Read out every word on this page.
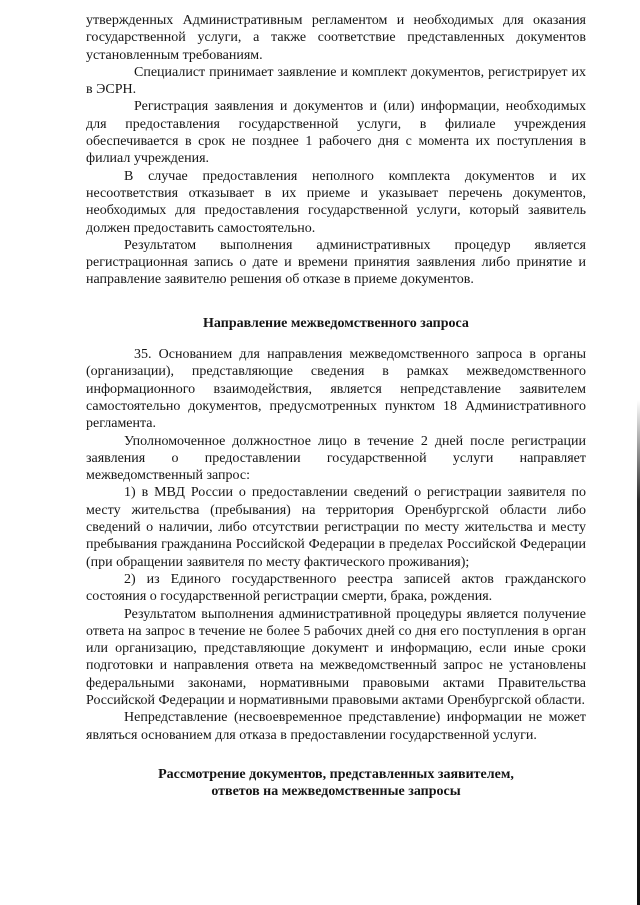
утвержденных Административным регламентом и необходимых для оказания государственной услуги, а также соответствие представленных документов установленным требованиям.

Специалист принимает заявление и комплект документов, регистрирует их в ЭСРН.

Регистрация заявления и документов и (или) информации, необходимых для предоставления государственной услуги, в филиале учреждения обеспечивается в срок не позднее 1 рабочего дня с момента их поступления в филиал учреждения.

В случае предоставления неполного комплекта документов и их несоответствия отказывает в их приеме и указывает перечень документов, необходимых для предоставления государственной услуги, который заявитель должен предоставить самостоятельно.

Результатом выполнения административных процедур является регистрационная запись о дате и времени принятия заявления либо принятие и направление заявителю решения об отказе в приеме документов.

Направление межведомственного запроса

35. Основанием для направления межведомственного запроса в органы (организации), представляющие сведения в рамках межведомственного информационного взаимодействия, является непредставление заявителем самостоятельно документов, предусмотренных пунктом 18 Административного регламента.

Уполномоченное должностное лицо в течение 2 дней после регистрации заявления о предоставлении государственной услуги направляет межведомственный запрос:

1) в МВД России о предоставлении сведений о регистрации заявителя по месту жительства (пребывания) на территория Оренбургской области либо сведений о наличии, либо отсутствии регистрации по месту жительства и месту пребывания гражданина Российской Федерации в пределах Российской Федерации (при обращении заявителя по месту фактического проживания);

2) из Единого государственного реестра записей актов гражданского состояния о государственной регистрации смерти, брака, рождения.

Результатом выполнения административной процедуры является получение ответа на запрос в течение не более 5 рабочих дней со дня его поступления в орган или организацию, представляющие документ и информацию, если иные сроки подготовки и направления ответа на межведомственный запрос не установлены федеральными законами, нормативными правовыми актами Правительства Российской Федерации и нормативными правовыми актами Оренбургской области.

Непредставление (несвоевременное представление) информации не может являться основанием для отказа в предоставлении государственной услуги.

Рассмотрение документов, представленных заявителем,

ответов на межведомственные запросы
